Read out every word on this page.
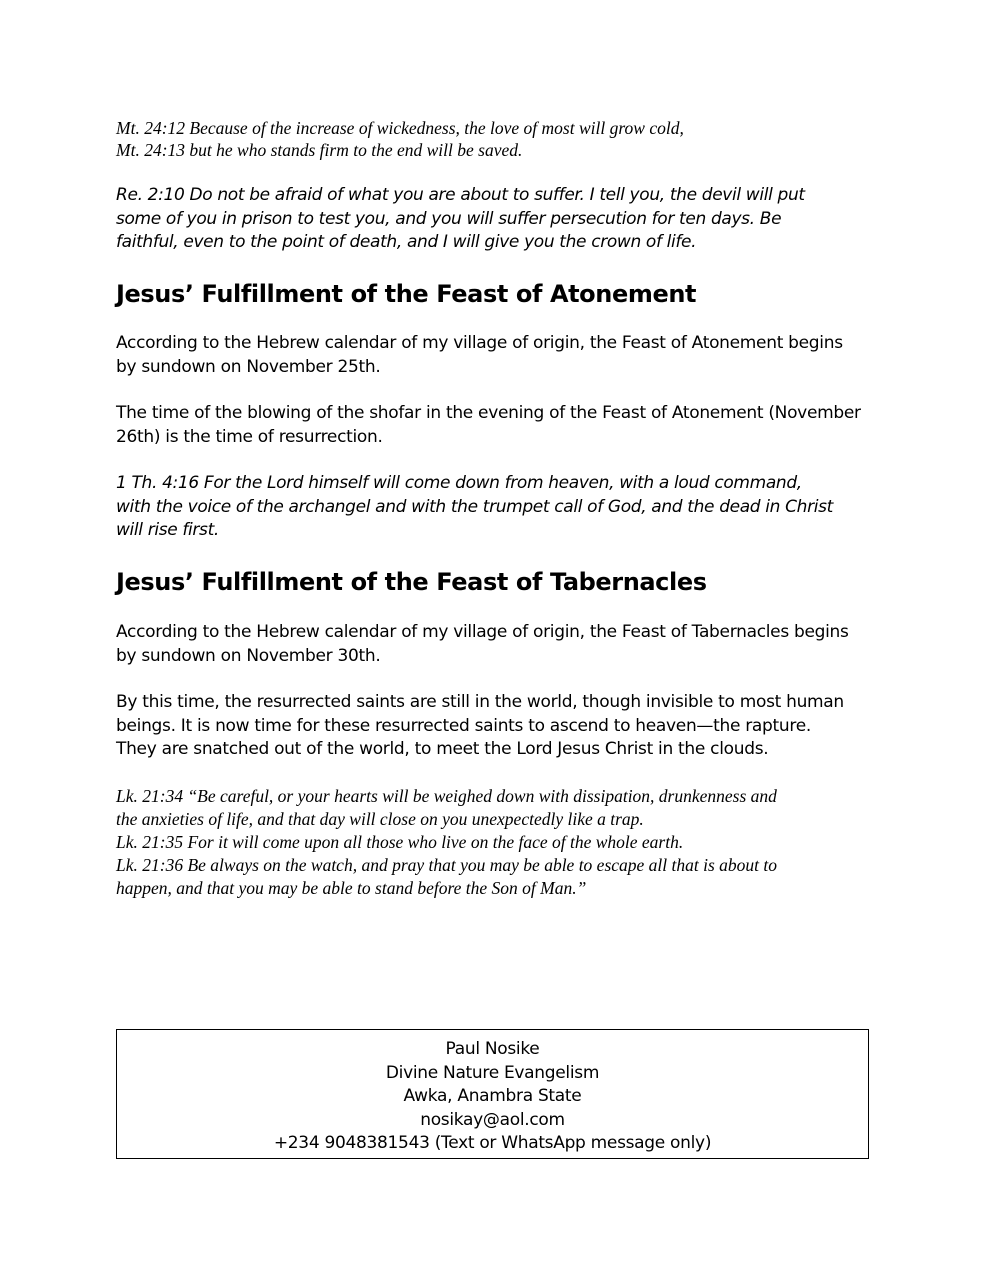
Mt. 24:12 Because of the increase of wickedness, the love of most will grow cold,
Mt. 24:13 but he who stands firm to the end will be saved.

Re. 2:10 Do not be afraid of what you are about to suffer. I tell you, the devil will put
some of you in prison to test you, and you will suffer persecution for ten days. Be
faithful, even to the point of death, and I will give you the crown of life.

Jesus’ Fulfillment of the Feast of Atonement

According to the Hebrew calendar of my village of origin, the Feast of Atonement begins
by sundown on November 25th.

The time of the blowing of the shofar in the evening of the Feast of Atonement (November
26th) is the time of resurrection.

1 Th. 4:16 For the Lord himself will come down from heaven, with a loud command,
with the voice of the archangel and with the trumpet call of God, and the dead in Christ
will rise first.

Jesus’ Fulfillment of the Feast of Tabernacles

According to the Hebrew calendar of my village of origin, the Feast of Tabernacles begins
by sundown on November 30th.

By this time, the resurrected saints are still in the world, though invisible to most human
beings. It is now time for these resurrected saints to ascend to heaven—the rapture.
They are snatched out of the world, to meet the Lord Jesus Christ in the clouds.

Lk. 21:34 “Be careful, or your hearts will be weighed down with dissipation, drunkenness and
the anxieties of life, and that day will close on you unexpectedly like a trap.
Lk. 21:35 For it will come upon all those who live on the face of the whole earth.
Lk. 21:36 Be always on the watch, and pray that you may be able to escape all that is about to
happen, and that you may be able to stand before the Son of Man.”

Paul Nosike
Divine Nature Evangelism
Awka, Anambra State
nosikay@aol.com
+234 9048381543 (Text or WhatsApp message only)
